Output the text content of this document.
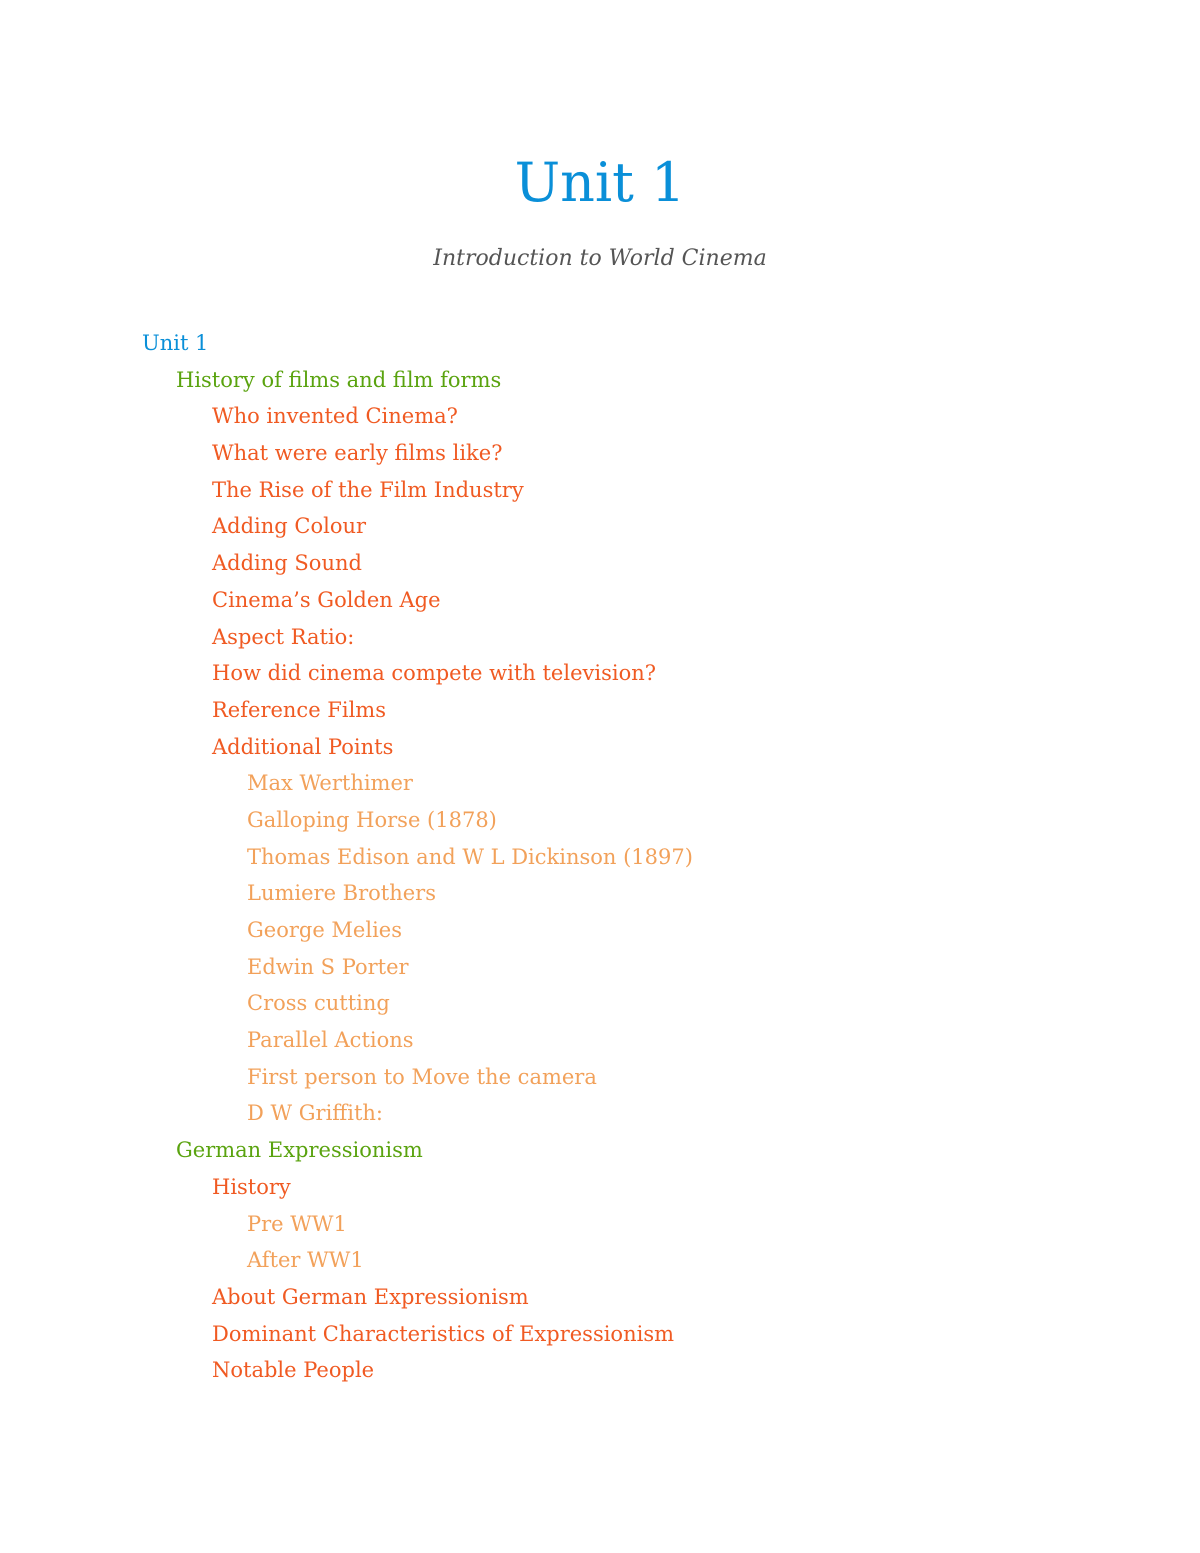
Unit 1
Introduction to World Cinema
Unit 1
History of films and film forms
Who invented Cinema?
What were early films like?
The Rise of the Film Industry
Adding Colour
Adding Sound
Cinema’s Golden Age
Aspect Ratio:
How did cinema compete with television?
Reference Films
Additional Points
Max Werthimer
Galloping Horse (1878)
Thomas Edison and W L Dickinson (1897)
Lumiere Brothers
George Melies
Edwin S Porter
Cross cutting
Parallel Actions
First person to Move the camera
D W Griffith:
German Expressionism
History
Pre WW1
After WW1
About German Expressionism
Dominant Characteristics of Expressionism
Notable People
